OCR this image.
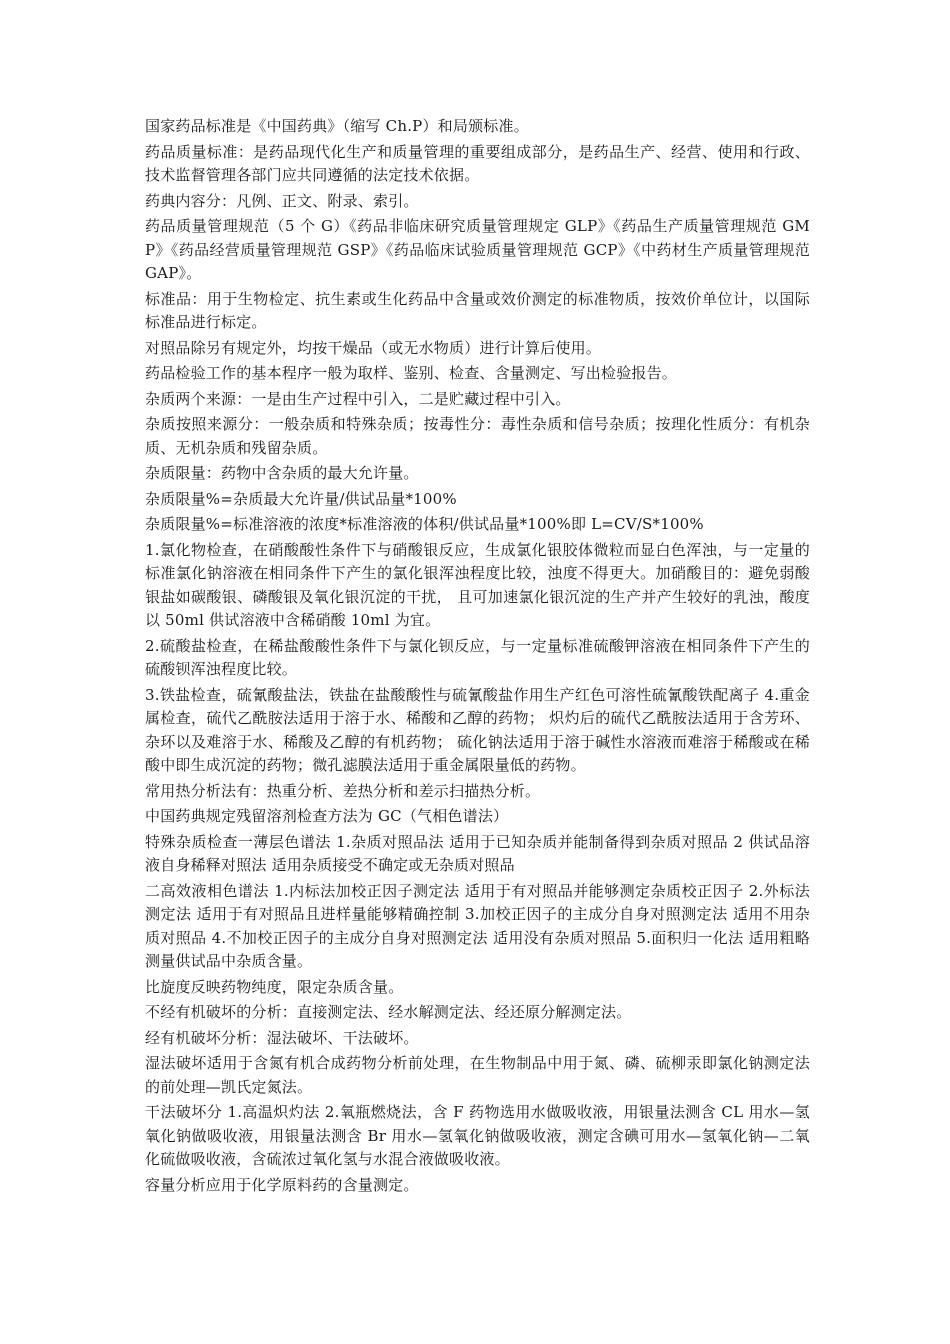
国家药品标准是《中国药典》（缩写 Ch.P）和局颁标准。

药品质量标准：是药品现代化生产和质量管理的重要组成部分，是药品生产、经营、使用和行政、技术监督管理各部门应共同遵循的法定技术依据。

药典内容分：凡例、正文、附录、索引。

药品质量管理规范（5 个 G）《药品非临床研究质量管理规定 GLP》《药品生产质量管理规范 GMP》《药品经营质量管理规范 GSP》《药品临床试验质量管理规范 GCP》《中药材生产质量管理规范 GAP》。

标准品：用于生物检定、抗生素或生化药品中含量或效价测定的标准物质，按效价单位计，以国际标准品进行标定。

对照品除另有规定外，均按干燥品（或无水物质）进行计算后使用。

药品检验工作的基本程序一般为取样、鉴别、检查、含量测定、写出检验报告。

杂质两个来源：一是由生产过程中引入，二是贮藏过程中引入。

杂质按照来源分：一般杂质和特殊杂质；按毒性分：毒性杂质和信号杂质；按理化性质分：有机杂质、无机杂质和残留杂质。

杂质限量：药物中含杂质的最大允许量。

杂质限量%=杂质最大允许量/供试品量*100%

杂质限量%=标准溶液的浓度*标准溶液的体积/供试品量*100%即 L=CV/S*100%

1.氯化物检查，在硝酸酸性条件下与硝酸银反应，生成氯化银胶体微粒而显白色浑浊，与一定量的标准氯化钠溶液在相同条件下产生的氯化银浑浊程度比较，浊度不得更大。加硝酸目的：避免弱酸银盐如碳酸银、磷酸银及氧化银沉淀的干扰， 且可加速氯化银沉淀的生产并产生较好的乳浊，酸度以 50ml 供试溶液中含稀硝酸 10ml 为宜。

2.硫酸盐检查，在稀盐酸酸性条件下与氯化钡反应，与一定量标准硫酸钾溶液在相同条件下产生的硫酸钡浑浊程度比较。

3.铁盐检查，硫氰酸盐法，铁盐在盐酸酸性与硫氰酸盐作用生产红色可溶性硫氰酸铁配离子 4.重金属检查，硫代乙酰胺法适用于溶于水、稀酸和乙醇的药物； 炽灼后的硫代乙酰胺法适用于含芳环、杂环以及难溶于水、稀酸及乙醇的有机药物； 硫化钠法适用于溶于碱性水溶液而难溶于稀酸或在稀酸中即生成沉淀的药物；微孔滤膜法适用于重金属限量低的药物。

常用热分析法有：热重分析、差热分析和差示扫描热分析。

中国药典规定残留溶剂检查方法为 GC（气相色谱法）

特殊杂质检查一薄层色谱法 1.杂质对照品法 适用于已知杂质并能制备得到杂质对照品 2 供试品溶液自身稀释对照法 适用杂质接受不确定或无杂质对照品

二高效液相色谱法 1.内标法加校正因子测定法 适用于有对照品并能够测定杂质校正因子 2.外标法测定法 适用于有对照品且进样量能够精确控制 3.加校正因子的主成分自身对照测定法 适用不用杂质对照品 4.不加校正因子的主成分自身对照测定法 适用没有杂质对照品 5.面积归一化法 适用粗略测量供试品中杂质含量。

比旋度反映药物纯度，限定杂质含量。

不经有机破坏的分析：直接测定法、经水解测定法、经还原分解测定法。

经有机破坏分析：湿法破坏、干法破坏。

湿法破坏适用于含氮有机合成药物分析前处理，在生物制品中用于氮、磷、硫柳汞即氯化钠测定法的前处理—凯氏定氮法。

干法破坏分 1.高温炽灼法 2.氧瓶燃烧法，含 F 药物选用水做吸收液，用银量法测含 CL 用水—氢氧化钠做吸收液，用银量法测含 Br 用水—氢氧化钠做吸收液，测定含碘可用水—氢氧化钠—二氧化硫做吸收液，含硫浓过氧化氢与水混合液做吸收液。

容量分析应用于化学原料药的含量测定。
